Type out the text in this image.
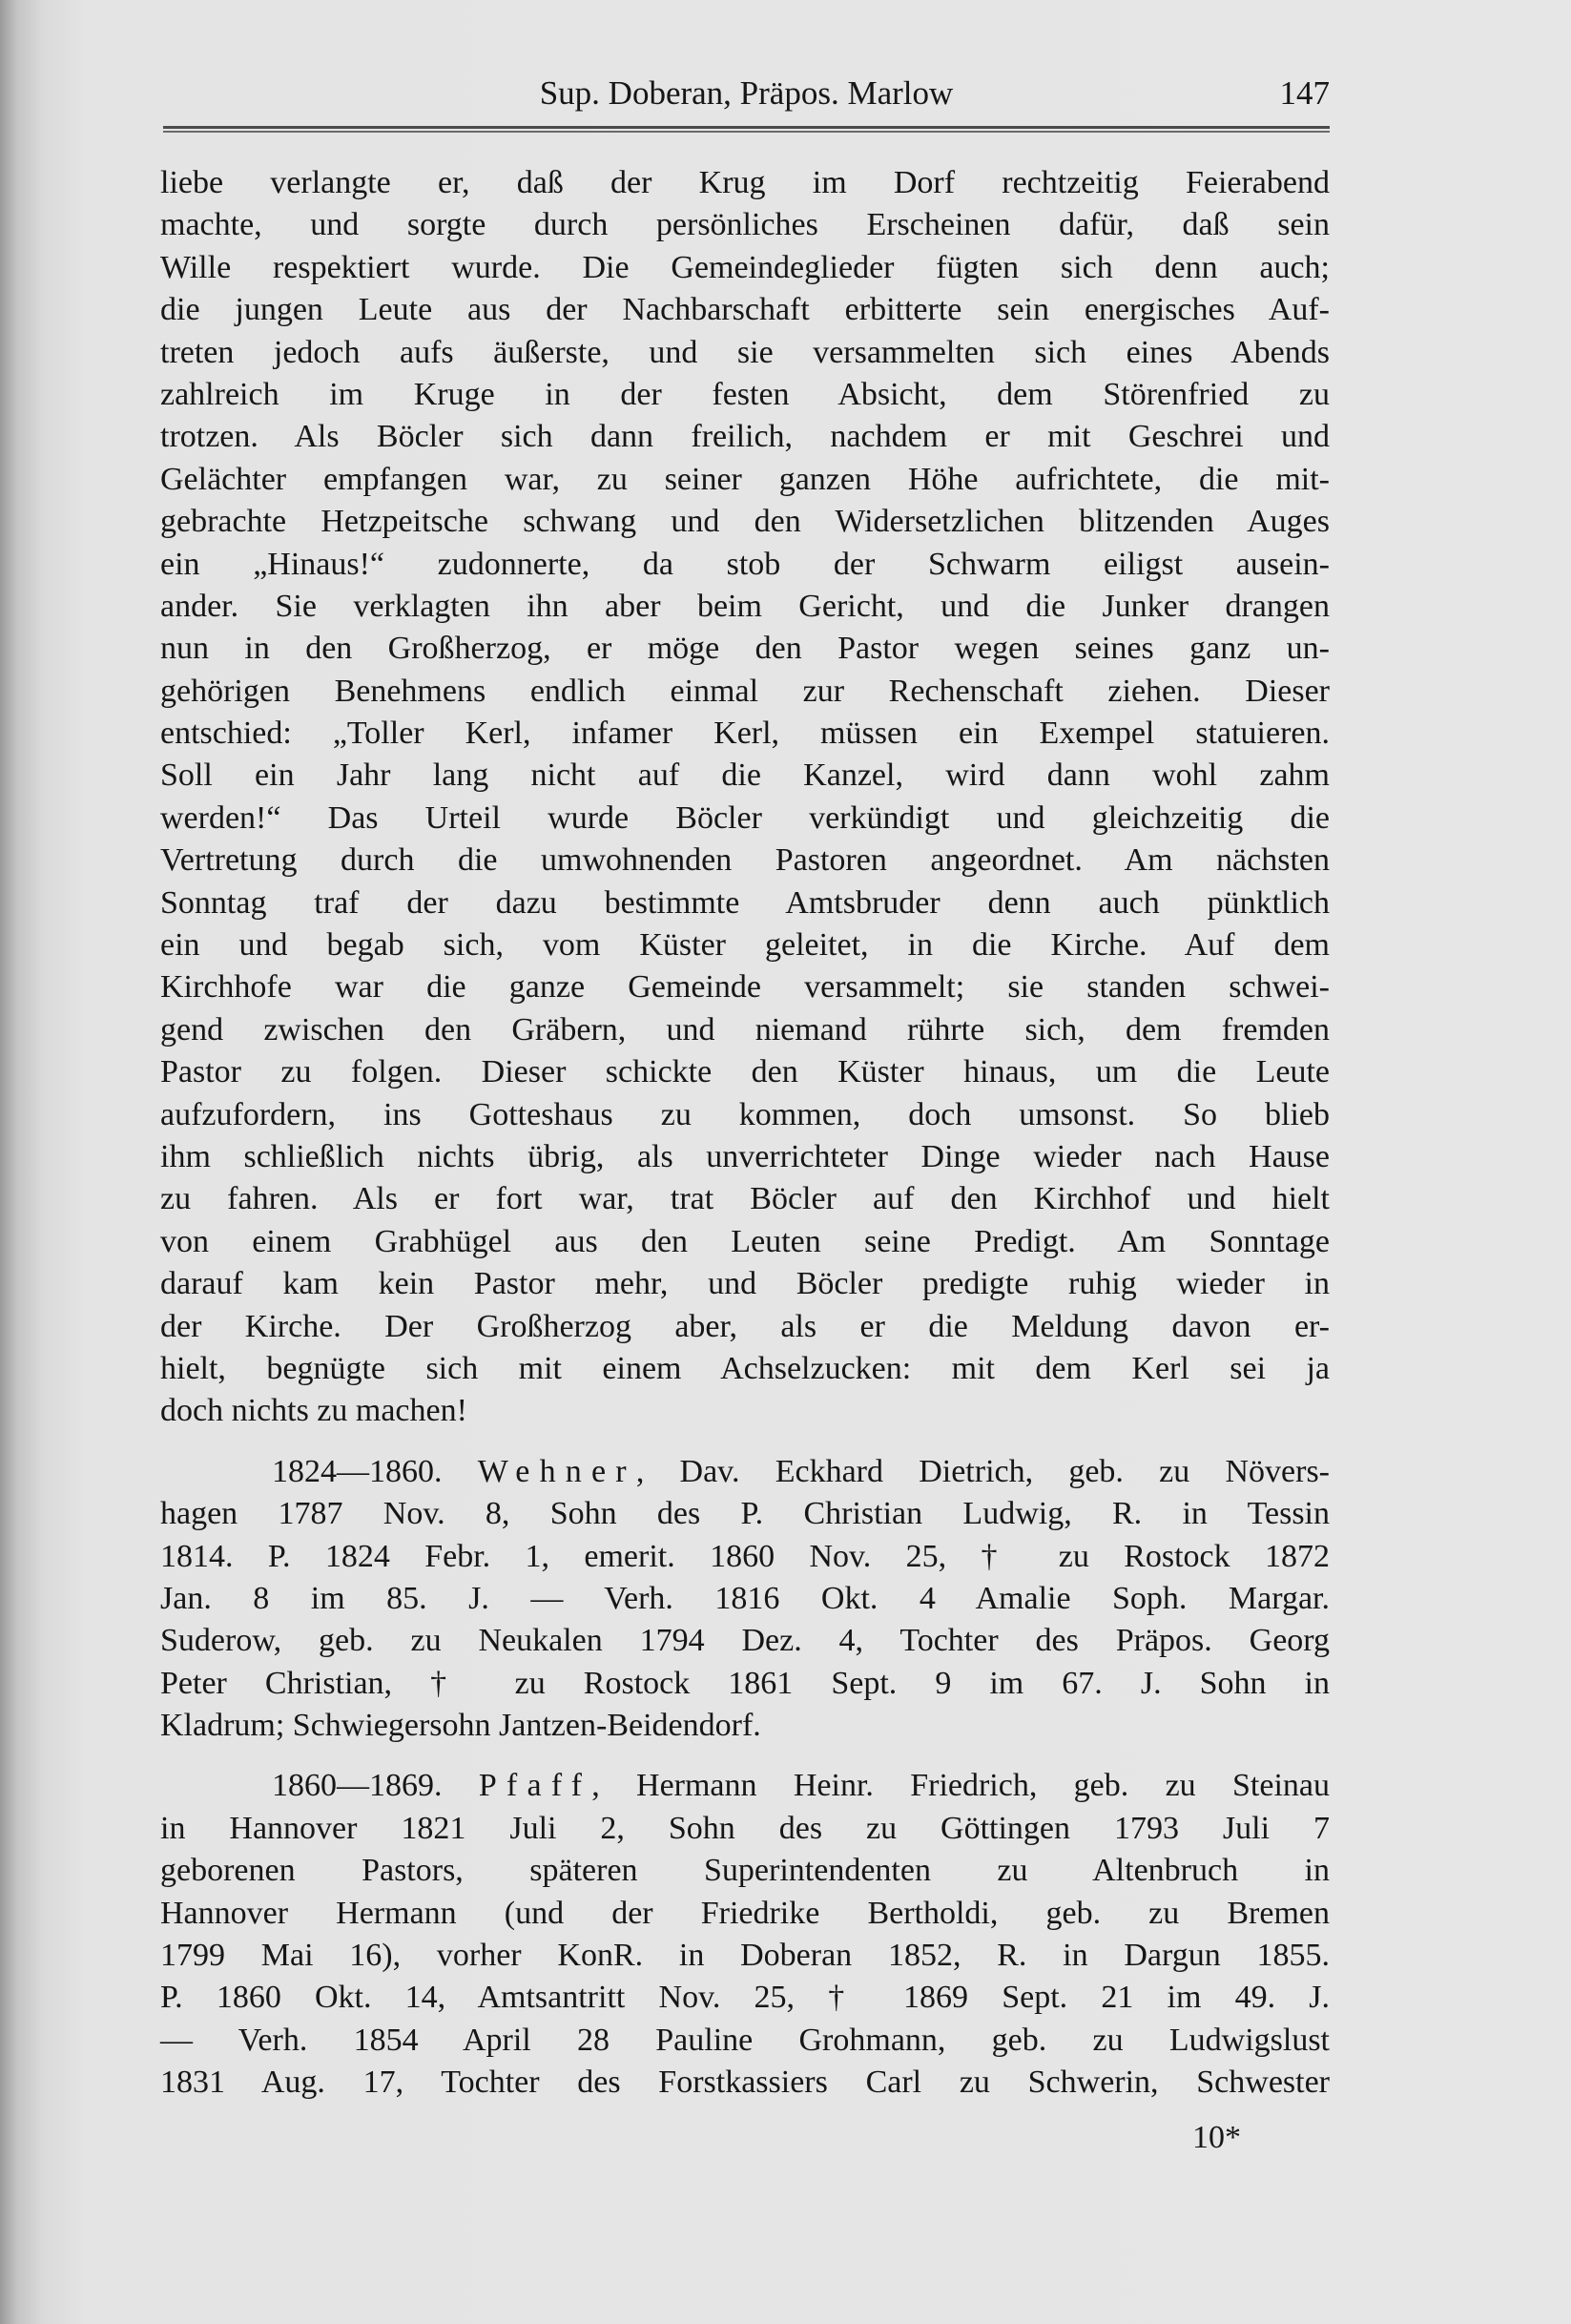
Sup. Doberan, Präpos. Marlow	147
liebe verlangte er, daß der Krug im Dorf rechtzeitig Feierabend
machte, und sorgte durch persönliches Erscheinen dafür, daß sein
Wille respektiert wurde. Die Gemeindeglieder fügten sich denn auch;
die jungen Leute aus der Nachbarschaft erbitterte sein energisches Auf-
treten jedoch aufs äußerste, und sie versammelten sich eines Abends
zahlreich im Kruge in der festen Absicht, dem Störenfried zu
trotzen. Als Böcler sich dann freilich, nachdem er mit Geschrei und
Gelächter empfangen war, zu seiner ganzen Höhe aufrichtete, die mit-
gebrachte Hetzpeitsche schwang und den Widersetzlichen blitzenden Auges
ein „Hinaus!“ zudonnerte, da stob der Schwarm eiligst ausein-
ander. Sie verklagten ihn aber beim Gericht, und die Junker drangen
nun in den Großherzog, er möge den Pastor wegen seines ganz un-
gehörigen Benehmens endlich einmal zur Rechenschaft ziehen. Dieser
entschied: „Toller Kerl, infamer Kerl, müssen ein Exempel statuieren.
Soll ein Jahr lang nicht auf die Kanzel, wird dann wohl zahm
werden!“ Das Urteil wurde Böcler verkündigt und gleichzeitig die
Vertretung durch die umwohnenden Pastoren angeordnet. Am nächsten
Sonntag traf der dazu bestimmte Amtsbruder denn auch pünktlich
ein und begab sich, vom Küster geleitet, in die Kirche. Auf dem
Kirchhofe war die ganze Gemeinde versammelt; sie standen schwei-
gend zwischen den Gräbern, und niemand rührte sich, dem fremden
Pastor zu folgen. Dieser schickte den Küster hinaus, um die Leute
aufzufordern, ins Gotteshaus zu kommen, doch umsonst. So blieb
ihm schließlich nichts übrig, als unverrichteter Dinge wieder nach Hause
zu fahren. Als er fort war, trat Böcler auf den Kirchhof und hielt
von einem Grabhügel aus den Leuten seine Predigt. Am Sonntage
darauf kam kein Pastor mehr, und Böcler predigte ruhig wieder in
der Kirche. Der Großherzog aber, als er die Meldung davon er-
hielt, begnügte sich mit einem Achselzucken: mit dem Kerl sei ja
doch nichts zu machen!
1824—1860. Wehner, Dav. Eckhard Dietrich, geb. zu Növers-
hagen 1787 Nov. 8, Sohn des P. Christian Ludwig, R. in Tessin
1814. P. 1824 Febr. 1, emerit. 1860 Nov. 25, † zu Rostock 1872
Jan. 8 im 85. J. — Verh. 1816 Okt. 4 Amalie Soph. Margar.
Suderow, geb. zu Neukalen 1794 Dez. 4, Tochter des Präpos. Georg
Peter Christian, † zu Rostock 1861 Sept. 9 im 67. J. Sohn in
Kladrum; Schwiegersohn Jantzen-Beidendorf.
1860—1869. Pfaff, Hermann Heinr. Friedrich, geb. zu Steinau
in Hannover 1821 Juli 2, Sohn des zu Göttingen 1793 Juli 7
geborenen Pastors, späteren Superintendenten zu Altenbruch in
Hannover Hermann (und der Friedrike Bertholdi, geb. zu Bremen
1799 Mai 16), vorher KonR. in Doberan 1852, R. in Dargun 1855.
P. 1860 Okt. 14, Amtsantritt Nov. 25, † 1869 Sept. 21 im 49. J.
— Verh. 1854 April 28 Pauline Grohmann, geb. zu Ludwigslust
1831 Aug. 17, Tochter des Forstkassiers Carl zu Schwerin, Schwester
10*
